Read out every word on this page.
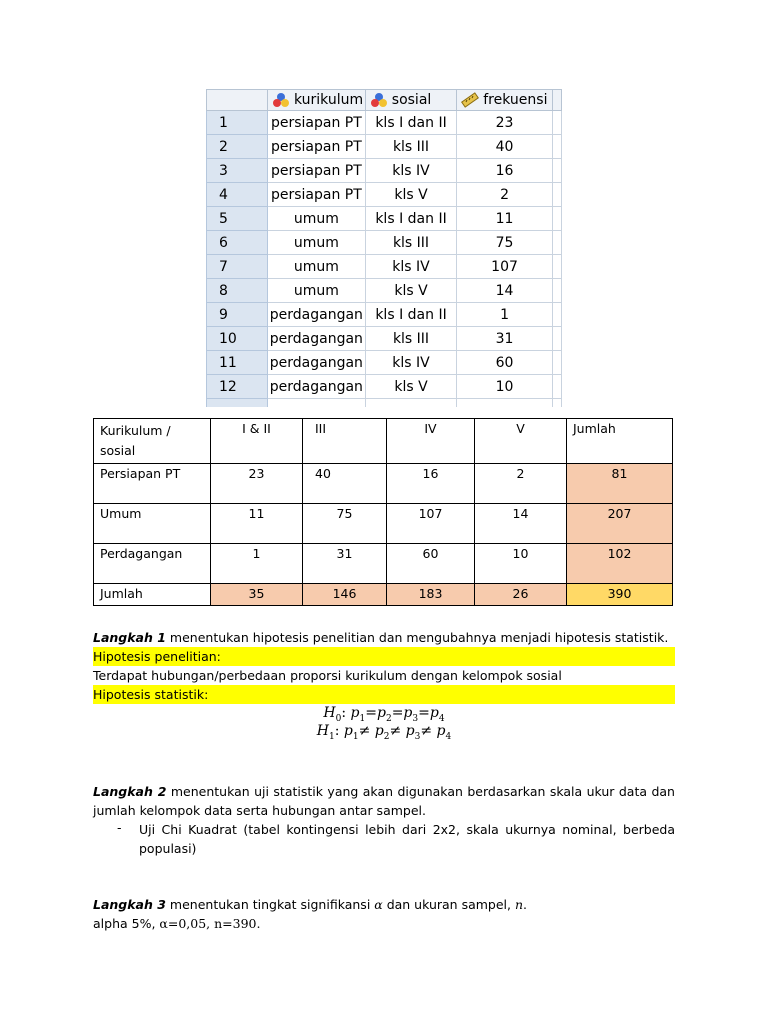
	kurikulum	sosial	frekuensi	
1	persiapan PT	kls I dan II	23	
2	persiapan PT	kls III	40	
3	persiapan PT	kls IV	16	
4	persiapan PT	kls V	2	
5	umum	kls I dan II	11	
6	umum	kls III	75	
7	umum	kls IV	107	
8	umum	kls V	14	
9	perdagangan	kls I dan II	1	
10	perdagangan	kls III	31	
11	perdagangan	kls IV	60	
12	perdagangan	kls V	10	

Kurikulum /
sosial	I & II	III	IV	V	Jumlah
Persiapan PT	23	40	16	2	81
Umum	11	75	107	14	207
Perdagangan	1	31	60	10	102
Jumlah	35	146	183	26	390
Langkah 1 menentukan hipotesis penelitian dan mengubahnya menjadi hipotesis statistik.
Hipotesis penelitian:
Terdapat hubungan/perbedaan proporsi kurikulum dengan kelompok sosial
Hipotesis statistik:
$H_0$: $p_1=p_2=p_3=p_4$
$H_1$: $p_1\ne p_2\ne p_3\ne p_4$
Langkah 2 menentukan uji statistik yang akan digunakan berdasarkan skala ukur data dan jumlah kelompok data serta hubungan antar sampel.
- Uji Chi Kuadrat (tabel kontingensi lebih dari 2x2, skala ukurnya nominal, berbeda populasi)
Langkah 3 menentukan tingkat signifikansi α dan ukuran sampel, n.
alpha 5%, α=0,05, n=390.
